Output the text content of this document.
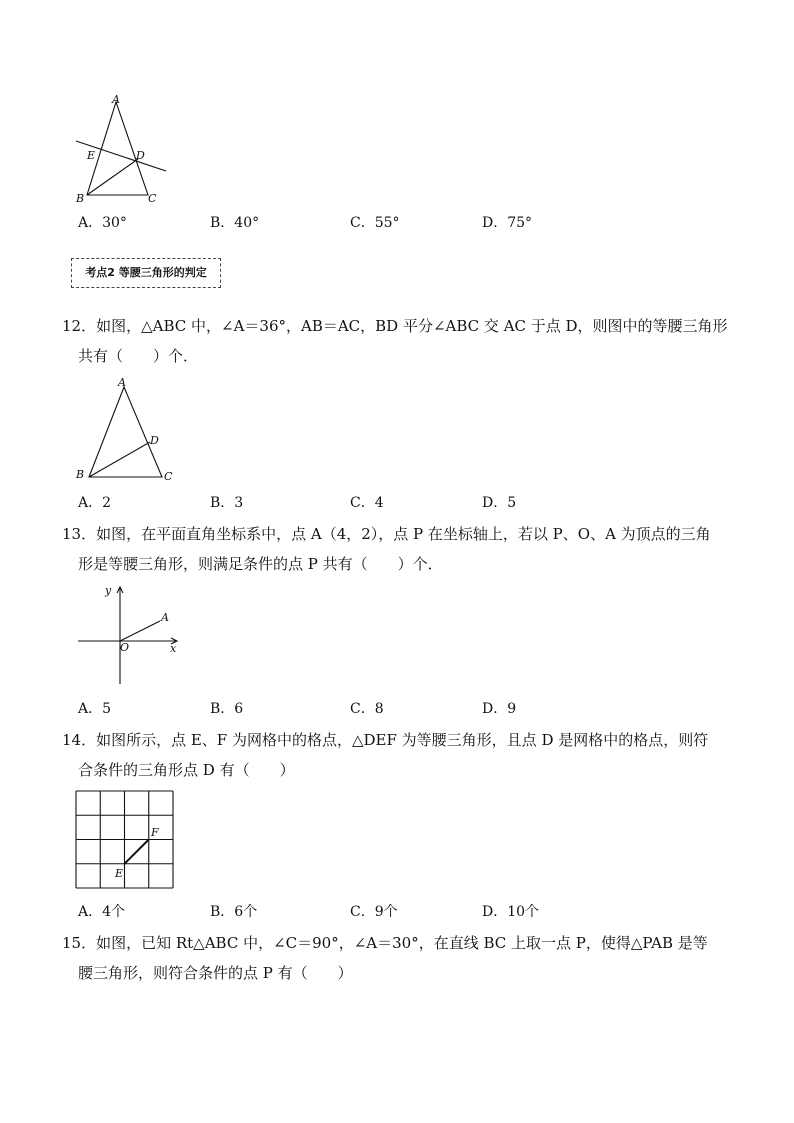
A
E	D
B	C
A．30°	B．40°	C．55°	D．75°
考点2 等腰三角形的判定
12．如图，△ABC 中，∠A＝36°，AB＝AC，BD 平分∠ABC 交 AC 于点 D，则图中的等腰三角形
共有（　　）个．
A
D
B	C
A．2	B．3	C．4	D．5
13．如图，在平面直角坐标系中，点 A（4，2），点 P 在坐标轴上，若以 P、O、A 为顶点的三角
形是等腰三角形，则满足条件的点 P 共有（　　）个．
y
x
O
A
A．5	B．6	C．8	D．9
14．如图所示，点 E、F 为网格中的格点，△DEF 为等腰三角形，且点 D 是网格中的格点，则符
合条件的三角形点 D 有（　　）
E
F
A．4个	B．6个	C．9个	D．10个
15．如图，已知 Rt△ABC 中，∠C＝90°，∠A＝30°，在直线 BC 上取一点 P，使得△PAB 是等
腰三角形，则符合条件的点 P 有（　　）
